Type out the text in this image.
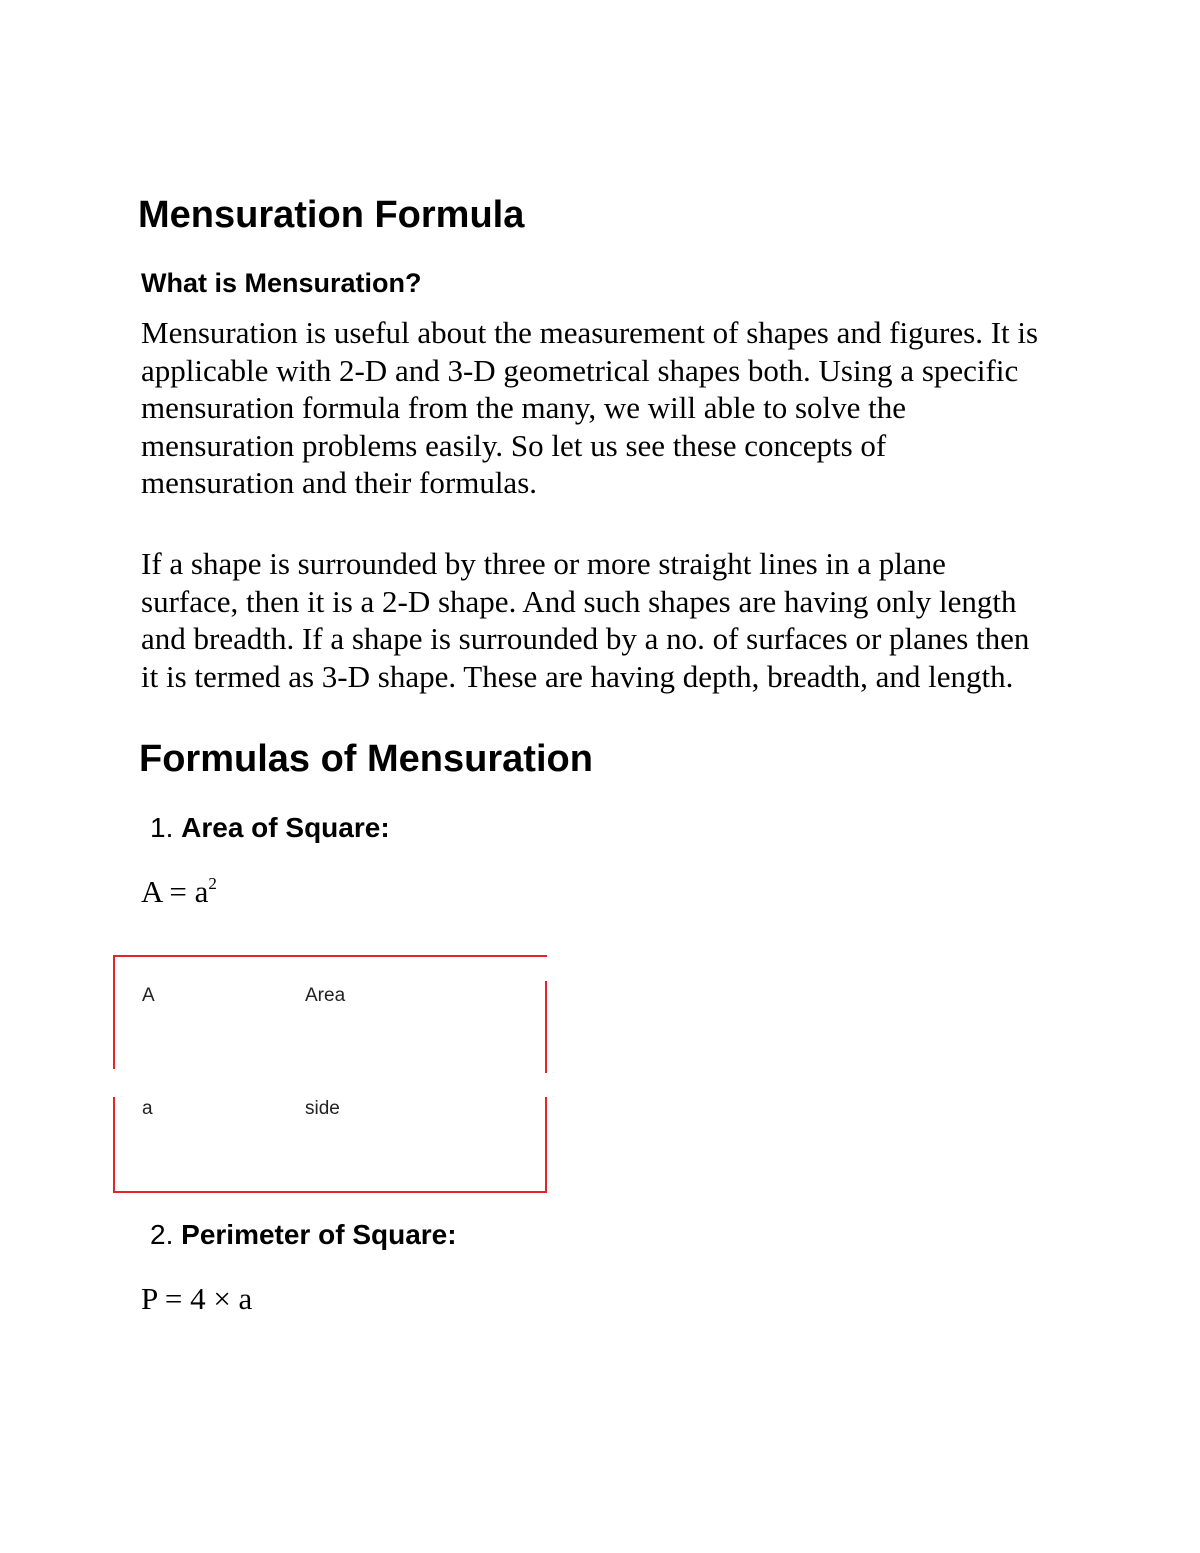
Mensuration Formula
What is Mensuration?

Mensuration is useful about the measurement of shapes and figures. It is
applicable with 2-D and 3-D geometrical shapes both. Using a specific
mensuration formula from the many, we will able to solve the
mensuration problems easily. So let us see these concepts of
mensuration and their formulas.

If a shape is surrounded by three or more straight lines in a plane
surface, then it is a 2-D shape. And such shapes are having only length
and breadth. If a shape is surrounded by a no. of surfaces or planes then
it is termed as 3-D shape. These are having depth, breadth, and length.

Formulas of Mensuration
1. Area of Square:
$A = a^2$
A	Area
a	side
2. Perimeter of Square:
P = 4 × a
